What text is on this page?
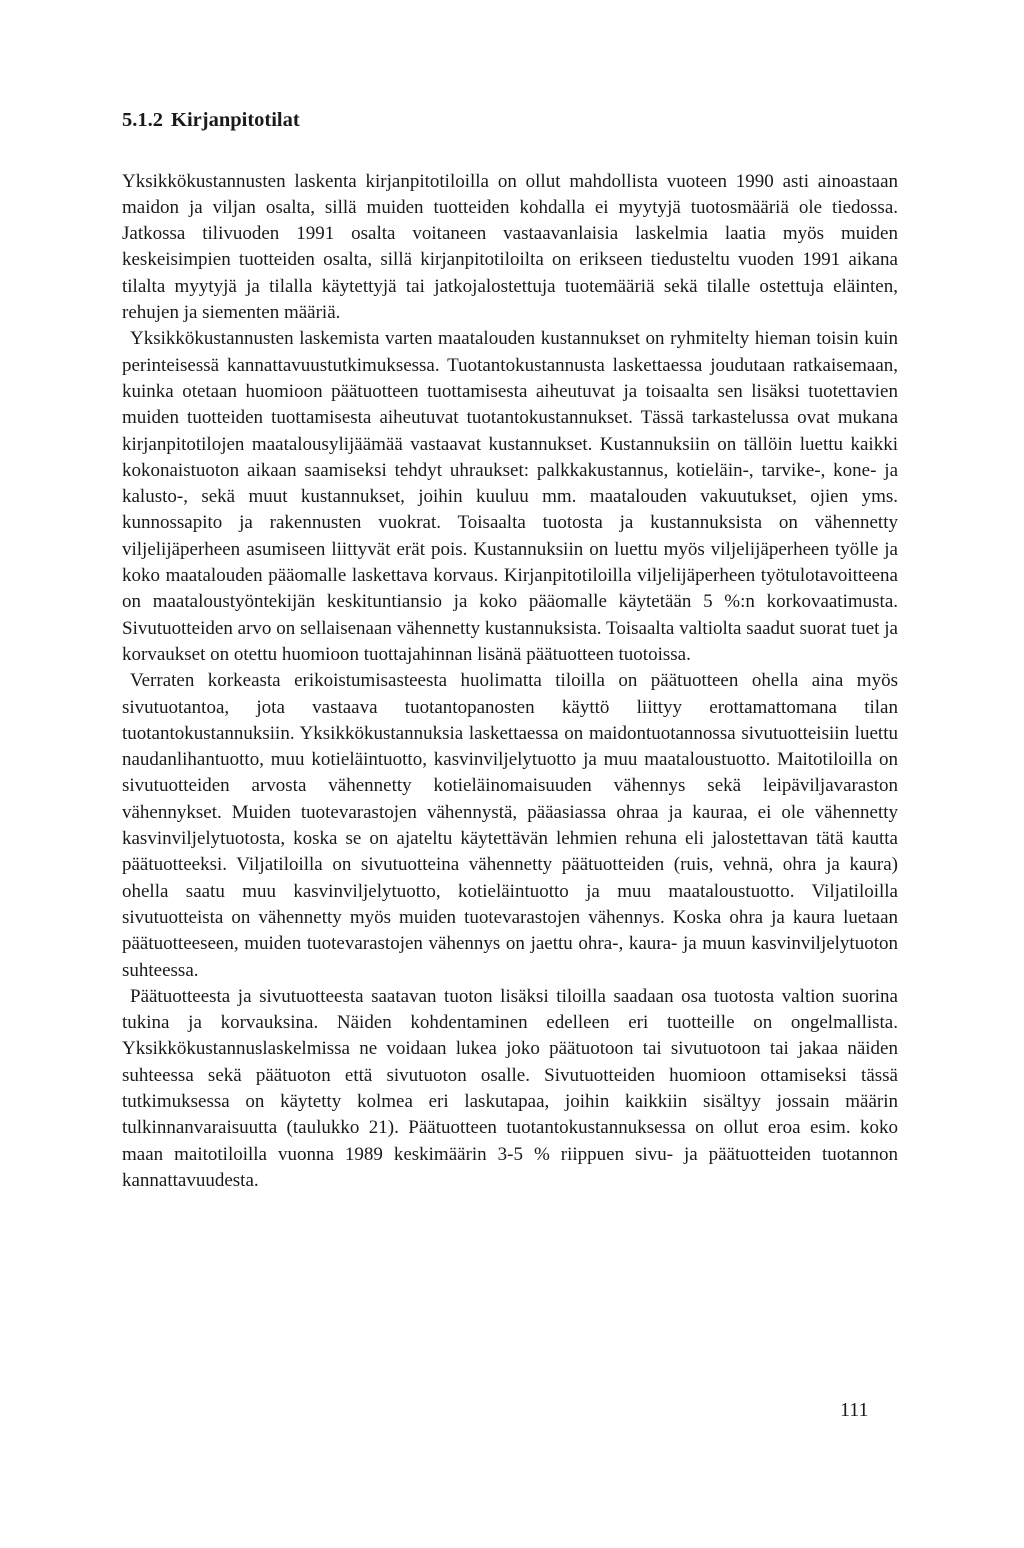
5.1.2 Kirjanpitotilat

Yksikkökustannusten laskenta kirjanpitotiloilla on ollut mahdollista vuoteen 1990 asti ainoastaan maidon ja viljan osalta, sillä muiden tuotteiden kohdalla ei myytyjä tuotosmääriä ole tiedossa. Jatkossa tilivuoden 1991 osalta voitaneen vastaavanlaisia laskelmia laatia myös muiden keskeisimpien tuotteiden osalta, sillä kirjanpitotiloilta on erikseen tiedusteltu vuoden 1991 aikana tilalta myytyjä ja tilalla käytettyjä tai jatkojalostettuja tuotemääriä sekä tilalle ostettuja eläinten, rehujen ja siementen määriä.

Yksikkökustannusten laskemista varten maatalouden kustannukset on ryhmitelty hieman toisin kuin perinteisessä kannattavuustutkimuksessa. Tuotantokustannusta laskettaessa joudutaan ratkaisemaan, kuinka otetaan huomioon päätuotteen tuottamisesta aiheutuvat ja toisaalta sen lisäksi tuotettavien muiden tuotteiden tuottamisesta aiheutuvat tuotantokustannukset. Tässä tarkastelussa ovat mukana kirjanpitotilojen maatalousylijäämää vastaavat kustannukset. Kustannuksiin on tällöin luettu kaikki kokonaistuoton aikaan saamiseksi tehdyt uhraukset: palkkakustannus, kotieläin-, tarvike-, kone- ja kalusto-, sekä muut kustannukset, joihin kuuluu mm. maatalouden vakuutukset, ojien yms. kunnossapito ja rakennusten vuokrat. Toisaalta tuotosta ja kustannuksista on vähennetty viljelijäperheen asumiseen liittyvät erät pois. Kustannuksiin on luettu myös viljelijäperheen työlle ja koko maatalouden pääomalle laskettava korvaus. Kirjanpitotiloilla viljelijäperheen työtulotavoitteena on maataloustyöntekijän keskituntiansio ja koko pääomalle käytetään 5 %:n korkovaatimusta. Sivutuotteiden arvo on sellaisenaan vähennetty kustannuksista. Toisaalta valtiolta saadut suorat tuet ja korvaukset on otettu huomioon tuottajahinnan lisänä päätuotteen tuotoissa.

Verraten korkeasta erikoistumisasteesta huolimatta tiloilla on päätuotteen ohella aina myös sivutuotantoa, jota vastaava tuotantopanosten käyttö liittyy erottamattomana tilan tuotantokustannuksiin. Yksikkökustannuksia laskettaessa on maidontuotannossa sivutuotteisiin luettu naudanlihantuotto, muu kotieläintuotto, kasvinviljelytuotto ja muu maataloustuotto. Maitotiloilla on sivutuotteiden arvosta vähennetty kotieläinomaisuuden vähennys sekä leipäviljavaraston vähennykset. Muiden tuotevarastojen vähennystä, pääasiassa ohraa ja kauraa, ei ole vähennetty kasvinviljelytuotosta, koska se on ajateltu käytettävän lehmien rehuna eli jalostettavan tätä kautta päätuotteeksi. Viljatiloilla on sivutuotteina vähennetty päätuotteiden (ruis, vehnä, ohra ja kaura) ohella saatu muu kasvinviljelytuotto, kotieläintuotto ja muu maataloustuotto. Viljatiloilla sivutuotteista on vähennetty myös muiden tuotevarastojen vähennys. Koska ohra ja kaura luetaan päätuotteeseen, muiden tuotevarastojen vähennys on jaettu ohra-, kaura- ja muun kasvinviljelytuoton suhteessa.

Päätuotteesta ja sivutuotteesta saatavan tuoton lisäksi tiloilla saadaan osa tuotosta valtion suorina tukina ja korvauksina. Näiden kohdentaminen edelleen eri tuotteille on ongelmallista. Yksikkökustannuslaskelmissa ne voidaan lukea joko päätuotoon tai sivutuotoon tai jakaa näiden suhteessa sekä päätuoton että sivutuoton osalle. Sivutuotteiden huomioon ottamiseksi tässä tutkimuksessa on käytetty kolmea eri laskutapaa, joihin kaikkiin sisältyy jossain määrin tulkinnanvaraisuutta (taulukko 21). Päätuotteen tuotantokustannuksessa on ollut eroa esim. koko maan maitotiloilla vuonna 1989 keskimäärin 3-5 % riippuen sivu- ja päätuotteiden tuotannon kannattavuudesta.

111
